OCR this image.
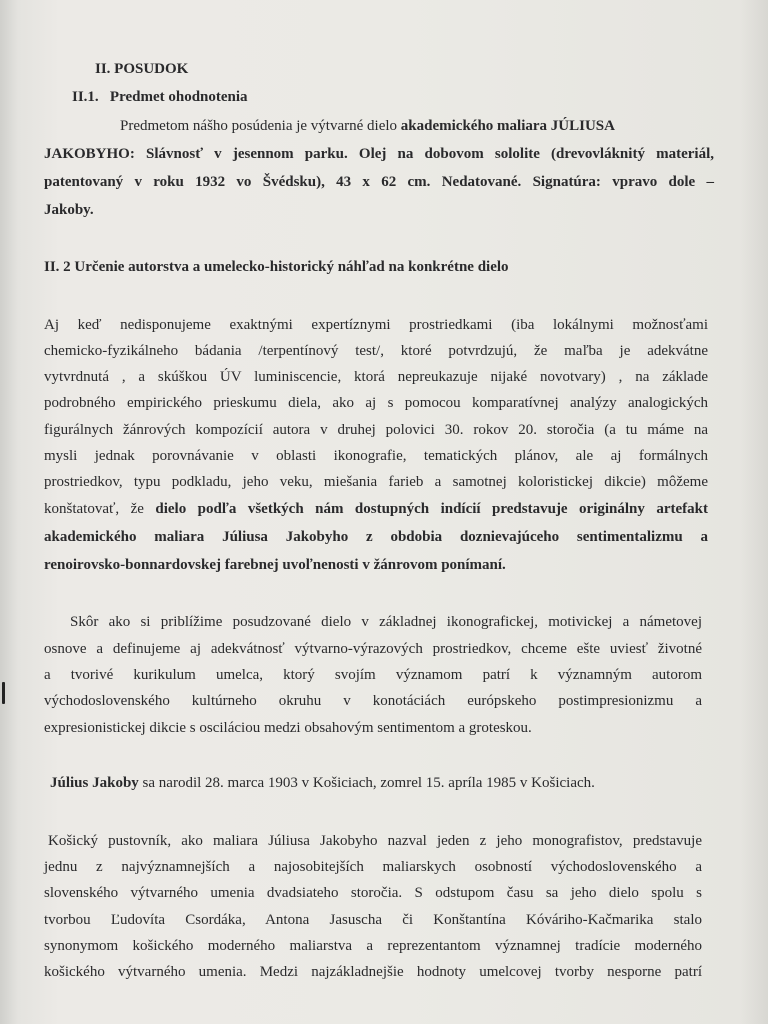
II. POSUDOK
II.1.   Predmet ohodnotenia
Predmetom nášho posúdenia je výtvarné dielo akademického maliara JÚLIUSA
JAKOBYHO: Slávnosť v jesennom parku. Olej na dobovom sololite (drevovláknitý materiál,
patentovaný v roku 1932 vo Švédsku), 43 x 62 cm. Nedatované. Signatúra: vpravo dole –
Jakoby.
II. 2 Určenie autorstva a umelecko-historický náhľad na konkrétne dielo
Aj keď nedisponujeme exaktnými expertíznymi prostriedkami (iba lokálnymi možnosťami
chemicko-fyzikálneho bádania /terpentínový test/, ktoré potvrdzujú, že maľba je adekvátne
vytvrdnutá , a skúškou ÚV luminiscencie, ktorá nepreukazuje nijaké novotvary) , na základe
podrobného empirického prieskumu diela, ako aj s pomocou komparatívnej analýzy analogických
figurálnych žánrových kompozícií autora v druhej polovici 30. rokov 20. storočia (a tu máme na
mysli jednak porovnávanie v oblasti ikonografie, tematických plánov, ale aj formálnych
prostriedkov, typu podkladu, jeho veku, miešania farieb a samotnej koloristickej dikcie) môžeme
konštatovať, že dielo podľa všetkých nám dostupných indícií predstavuje originálny artefakt
akademického maliara Júliusa Jakobyho z obdobia doznievajúceho sentimentalizmu a
renoirovsko-bonnardovskej farebnej uvoľnenosti v žánrovom ponímaní.
Skôr ako si priblížime posudzované dielo v základnej ikonografickej, motivickej a námetovej
osnove a definujeme aj adekvátnosť výtvarno-výrazových prostriedkov, chceme ešte uviesť životné
a  tvorivé  kurikulum  umelca,  ktorý  svojím  významom  patrí  k  významným  autorom
východoslovenského  kultúrneho  okruhu  v  konotáciách  európskeho  postimpresionizmu  a
expresionistickej dikcie s osciláciou medzi obsahovým sentimentom a groteskou.
Július Jakoby sa narodil 28. marca 1903 v Košiciach, zomrel 15. apríla 1985 v Košiciach.
Košický pustovník, ako maliara Júliusa Jakobyho nazval jeden z jeho monografistov, predstavuje
jednu  z  najvýznamnejších  a  najosobitejších  maliarskych  osobností  východoslovenského  a
slovenského výtvarného umenia dvadsiateho storočia. S odstupom času sa jeho dielo spolu s
tvorbou  Ľudovíta  Csordáka,  Antona  Jasuscha  či  Konštantína  Kóváriho-Kačmarika  stalo
synonymom košického moderného maliarstva a reprezentantom významnej tradície moderného
košického výtvarného umenia. Medzi najzákladnejšie hodnoty umelcovej tvorby nesporne patrí
